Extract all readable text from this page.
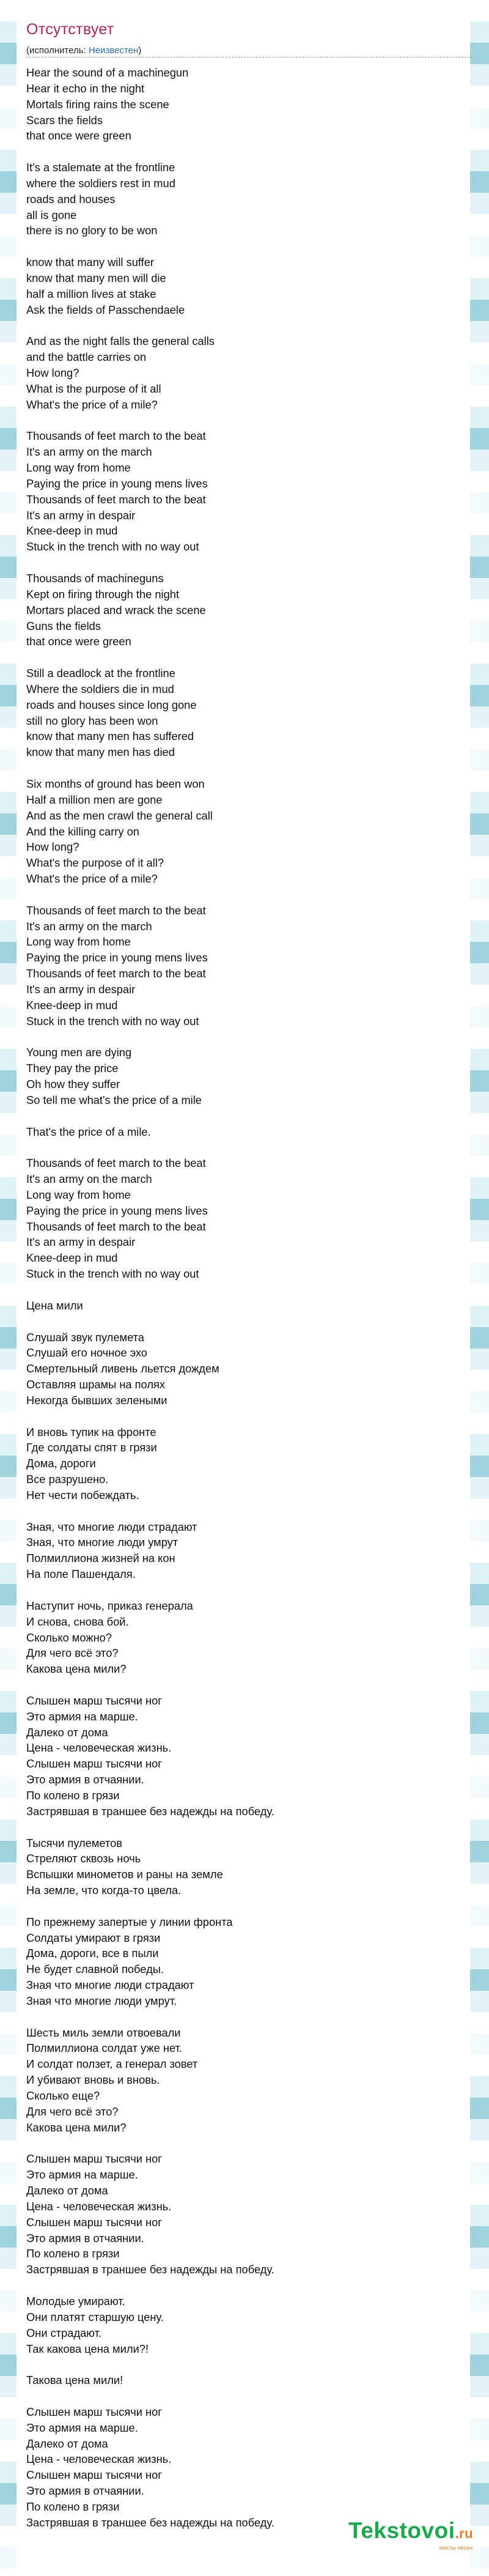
Отсутствует
(исполнитель: Неизвестен)
Hear the sound of a machinegun
Hear it echo in the night
Mortals firing rains the scene
Scars the fields
that once were green
It's a stalemate at the frontline
where the soldiers rest in mud
roads and houses
all is gone
there is no glory to be won
know that many will suffer
know that many men will die
half a million lives at stake
Ask the fields of Passchendaele
And as the night falls the general calls
and the battle carries on
How long?
What is the purpose of it all
What's the price of a mile?
Thousands of feet march to the beat
It's an army on the march
Long way from home
Paying the price in young mens lives
Thousands of feet march to the beat
It's an army in despair
Knee-deep in mud
Stuck in the trench with no way out
Thousands of machineguns
Kept on firing through the night
Mortars placed and wrack the scene
Guns the fields
that once were green
Still a deadlock at the frontline
Where the soldiers die in mud
roads and houses since long gone
still no glory has been won
know that many men has suffered
know that many men has died
Six months of ground has been won
Half a million men are gone
And as the men crawl the general call
And the killing carry on
How long?
What's the purpose of it all?
What's the price of a mile?
Thousands of feet march to the beat
It's an army on the march
Long way from home
Paying the price in young mens lives
Thousands of feet march to the beat
It's an army in despair
Knee-deep in mud
Stuck in the trench with no way out
Young men are dying
They pay the price
Oh how they suffer
So tell me what's the price of a mile
That's the price of a mile.
Thousands of feet march to the beat
It's an army on the march
Long way from home
Paying the price in young mens lives
Thousands of feet march to the beat
It's an army in despair
Knee-deep in mud
Stuck in the trench with no way out
Цена мили
Слушай звук пулемета
Слушай его ночное эхо
Смертельный ливень льется дождем
Оставляя шрамы на полях
Некогда бывших зелеными
И вновь тупик на фронте
Где солдаты спят в грязи
Дома, дороги
Все разрушено.
Нет чести побеждать.
Зная, что многие люди страдают
Зная, что многие люди умрут
Полмиллиона жизней на кон
На поле Пашендаля.
Наступит ночь, приказ генерала
И снова, снова бой.
Сколько можно?
Для чего всё это?
Какова цена мили?
Слышен марш тысячи ног
Это армия на марше.
Далеко от дома
Цена - человеческая жизнь.
Слышен марш тысячи ног
Это армия в отчаянии.
По колено в грязи
Застрявшая в траншее без надежды на победу.
Тысячи пулеметов
Стреляют сквозь ночь
Вспышки минометов и раны на земле
На земле, что когда-то цвела.
По прежнему запертые у линии фронта
Солдаты умирают в грязи
Дома, дороги, все в пыли
Не будет славной победы.
Зная что многие люди страдают
Зная что многие люди умрут.
Шесть миль земли отвоевали
Полмиллиона солдат уже нет.
И солдат ползет, а генерал зовет
И убивают вновь и вновь.
Сколько еще?
Для чего всё это?
Какова цена мили?
Слышен марш тысячи ног
Это армия на марше.
Далеко от дома
Цена - человеческая жизнь.
Слышен марш тысячи ног
Это армия в отчаянии.
По колено в грязи
Застрявшая в траншее без надежды на победу.
Молодые умирают.
Они платят старшую цену.
Они страдают.
Так какова цена мили?!
Такова цена мили!
Слышен марш тысячи ног
Это армия на марше.
Далеко от дома
Цена - человеческая жизнь.
Слышен марш тысячи ног
Это армия в отчаянии.
По колено в грязи
Застрявшая в траншее без надежды на победу.	Tekstovoi.ru
тексты песен
